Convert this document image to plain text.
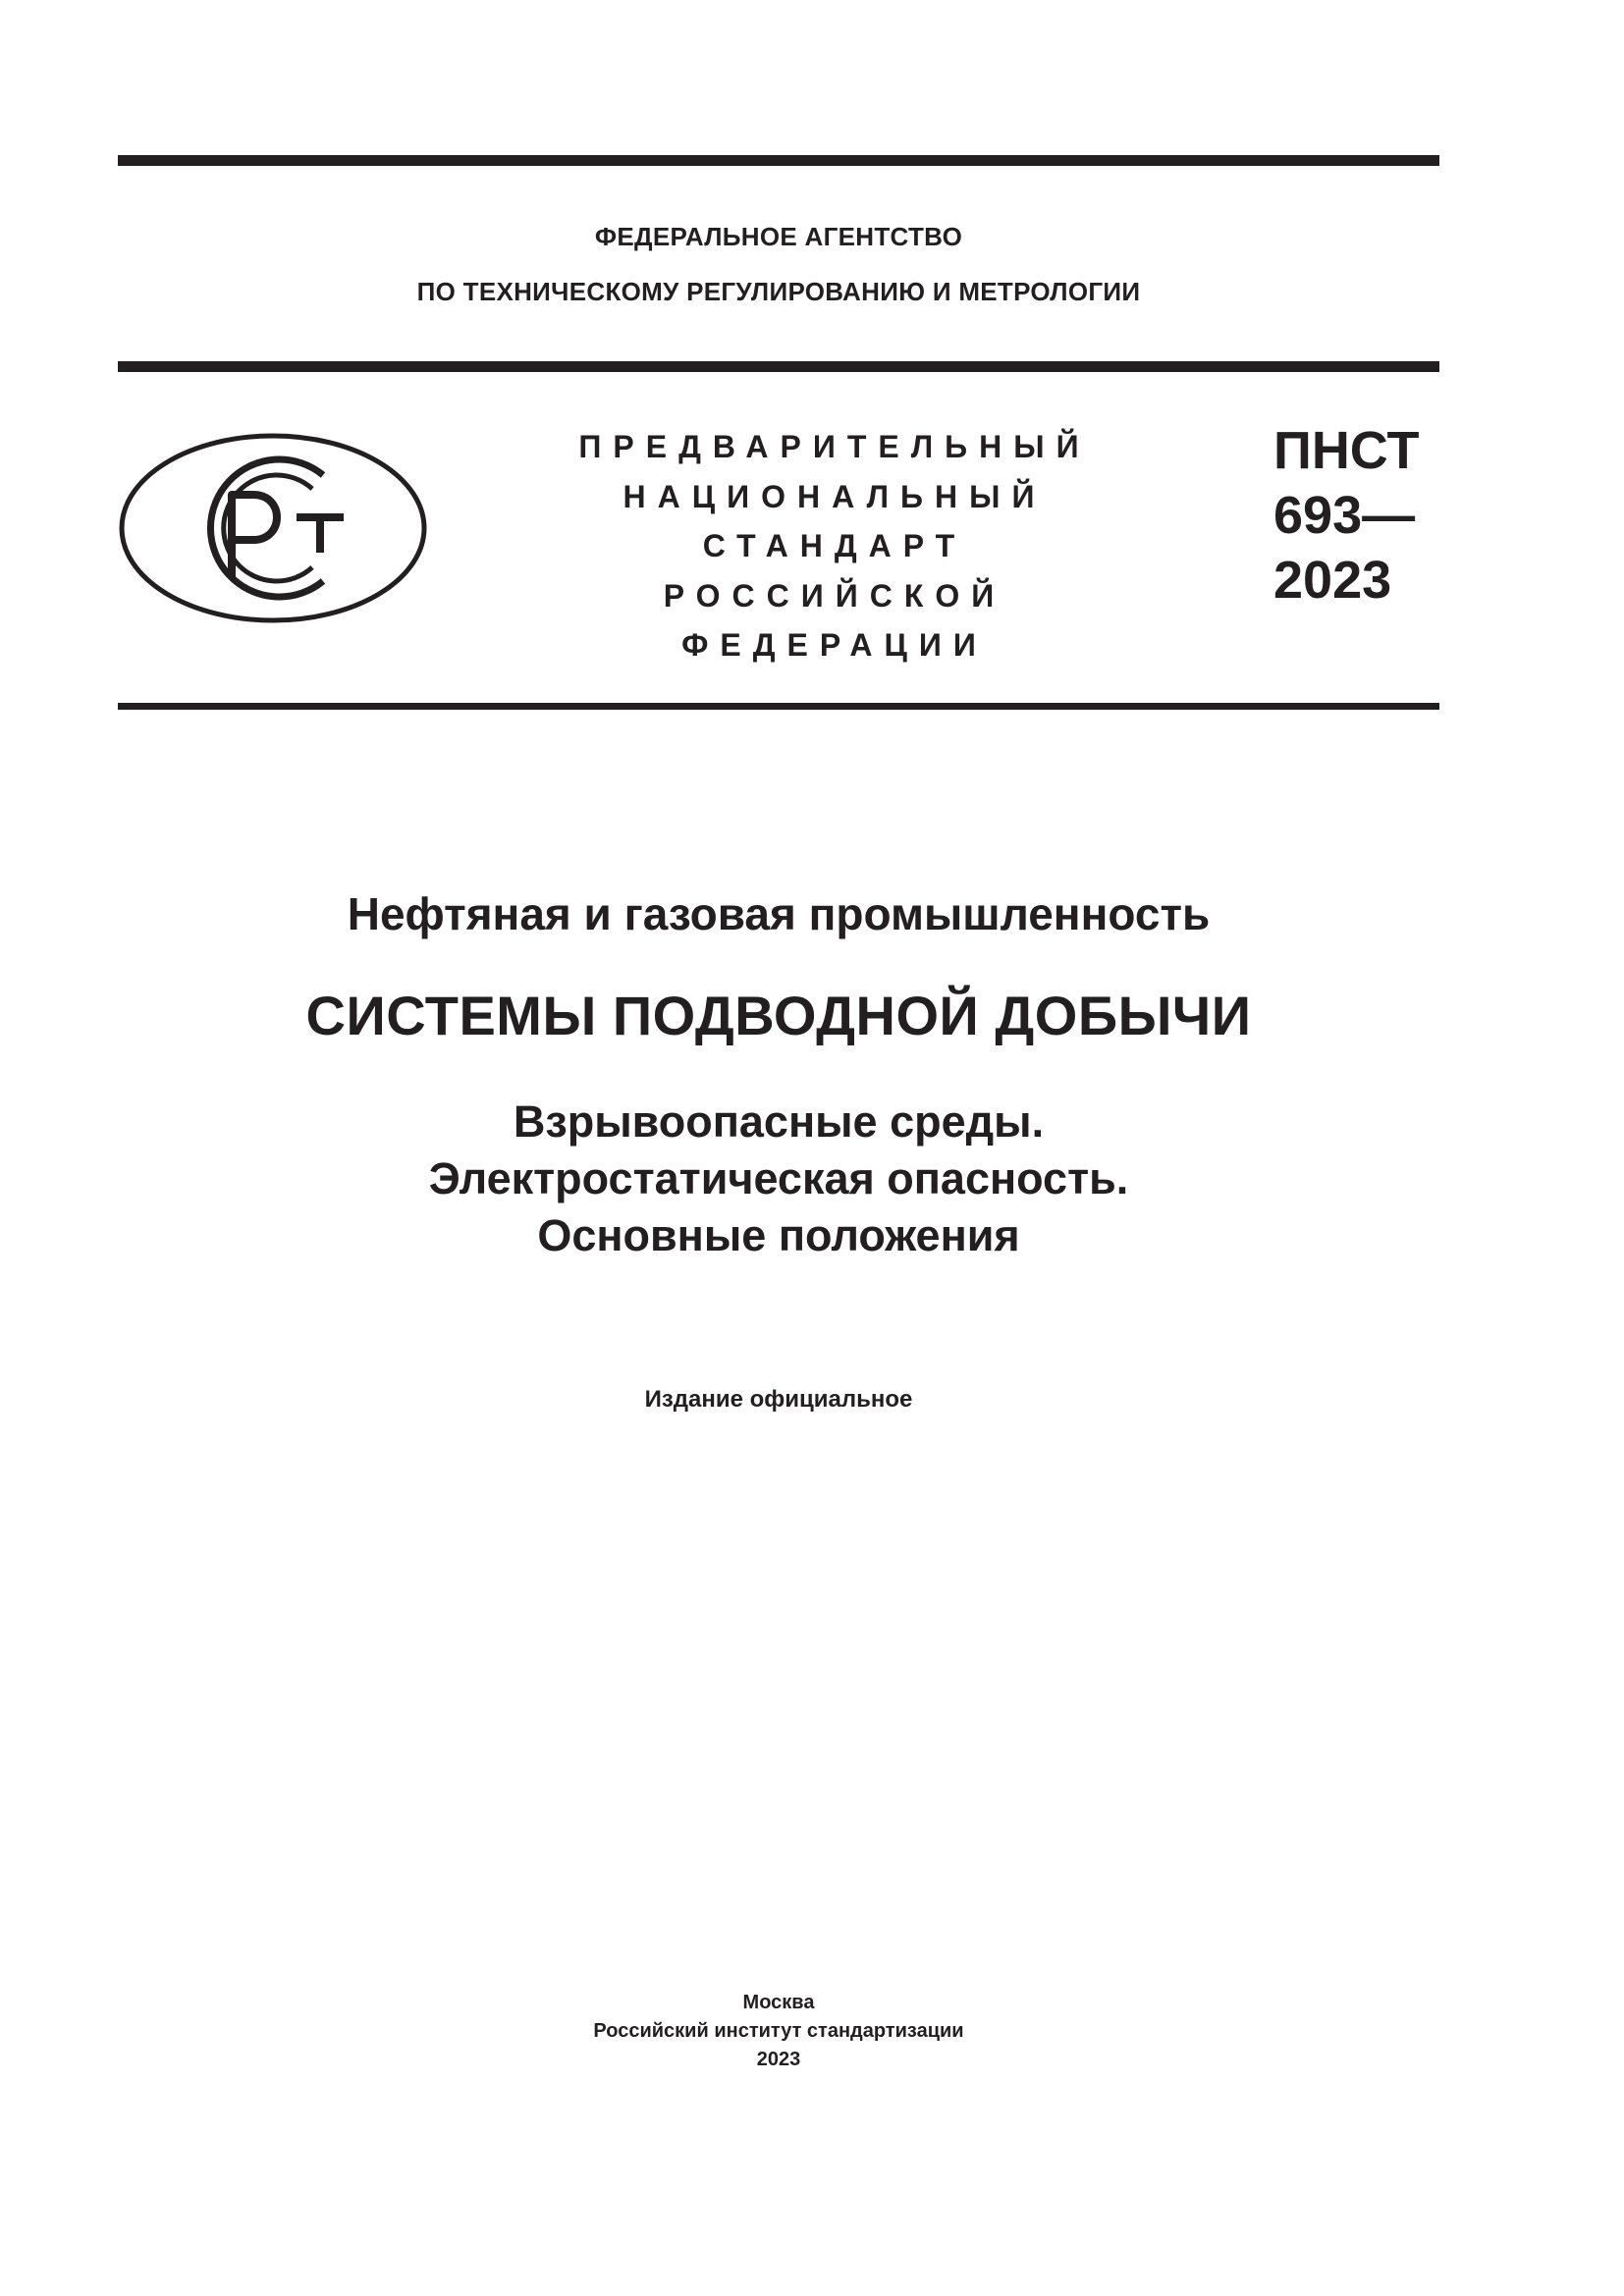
ФЕДЕРАЛЬНОЕ АГЕНТСТВО

ПО ТЕХНИЧЕСКОМУ РЕГУЛИРОВАНИЮ И МЕТРОЛОГИИ

ПРЕДВАРИТЕЛЬНЫЙ
НАЦИОНАЛЬНЫЙ
СТАНДАРТ
РОССИЙСКОЙ
ФЕДЕРАЦИИ

ПНСТ
693—
2023

Нефтяная и газовая промышленность
СИСТЕМЫ ПОДВОДНОЙ ДОБЫЧИ
Взрывоопасные среды.
Электростатическая опасность.
Основные положения

Издание официальное

Москва
Российский институт стандартизации
2023
